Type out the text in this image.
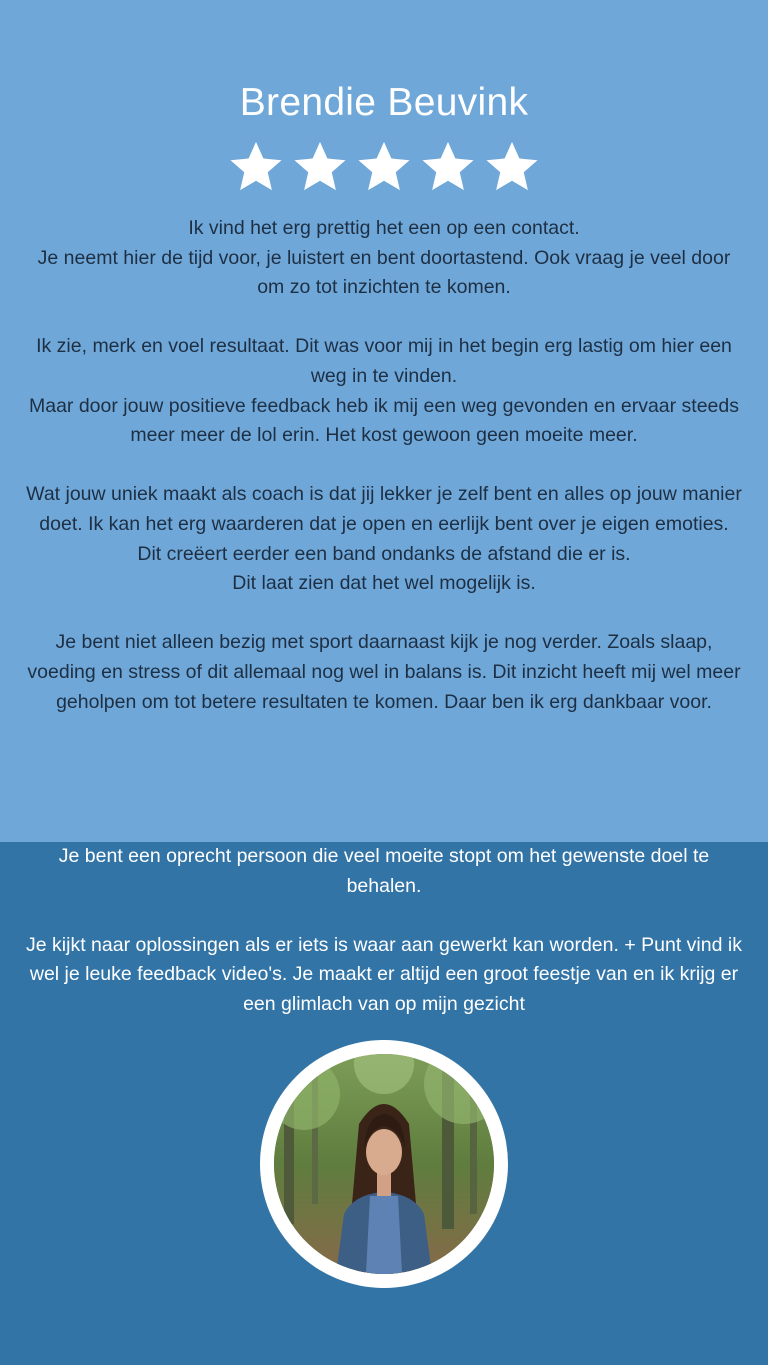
Brendie Beuvink

Ik vind het erg prettig het een op een contact.
Je neemt hier de tijd voor, je luistert en bent doortastend. Ook vraag je veel door om zo tot inzichten te komen.

Ik zie, merk en voel resultaat. Dit was voor mij in het begin erg lastig om hier een weg in te vinden.
Maar door jouw positieve feedback heb ik mij een weg gevonden en ervaar steeds meer meer de lol erin. Het kost gewoon geen moeite meer.

Wat jouw uniek maakt als coach is dat jij lekker je zelf bent en alles op jouw manier doet. Ik kan het erg waarderen dat je open en eerlijk bent over je eigen emoties.
Dit creëert eerder een band ondanks de afstand die er is.
Dit laat zien dat het wel mogelijk is.

Je bent niet alleen bezig met sport daarnaast kijk je nog verder. Zoals slaap, voeding en stress of dit allemaal nog wel in balans is. Dit inzicht heeft mij wel meer geholpen om tot betere resultaten te komen. Daar ben ik erg dankbaar voor.

Je bent een oprecht persoon die veel moeite stopt om het gewenste doel te behalen.

Je kijkt naar oplossingen als er iets is waar aan gewerkt kan worden. + Punt vind ik wel je leuke feedback video's. Je maakt er altijd een groot feestje van en ik krijg er een glimlach van op mijn gezicht
